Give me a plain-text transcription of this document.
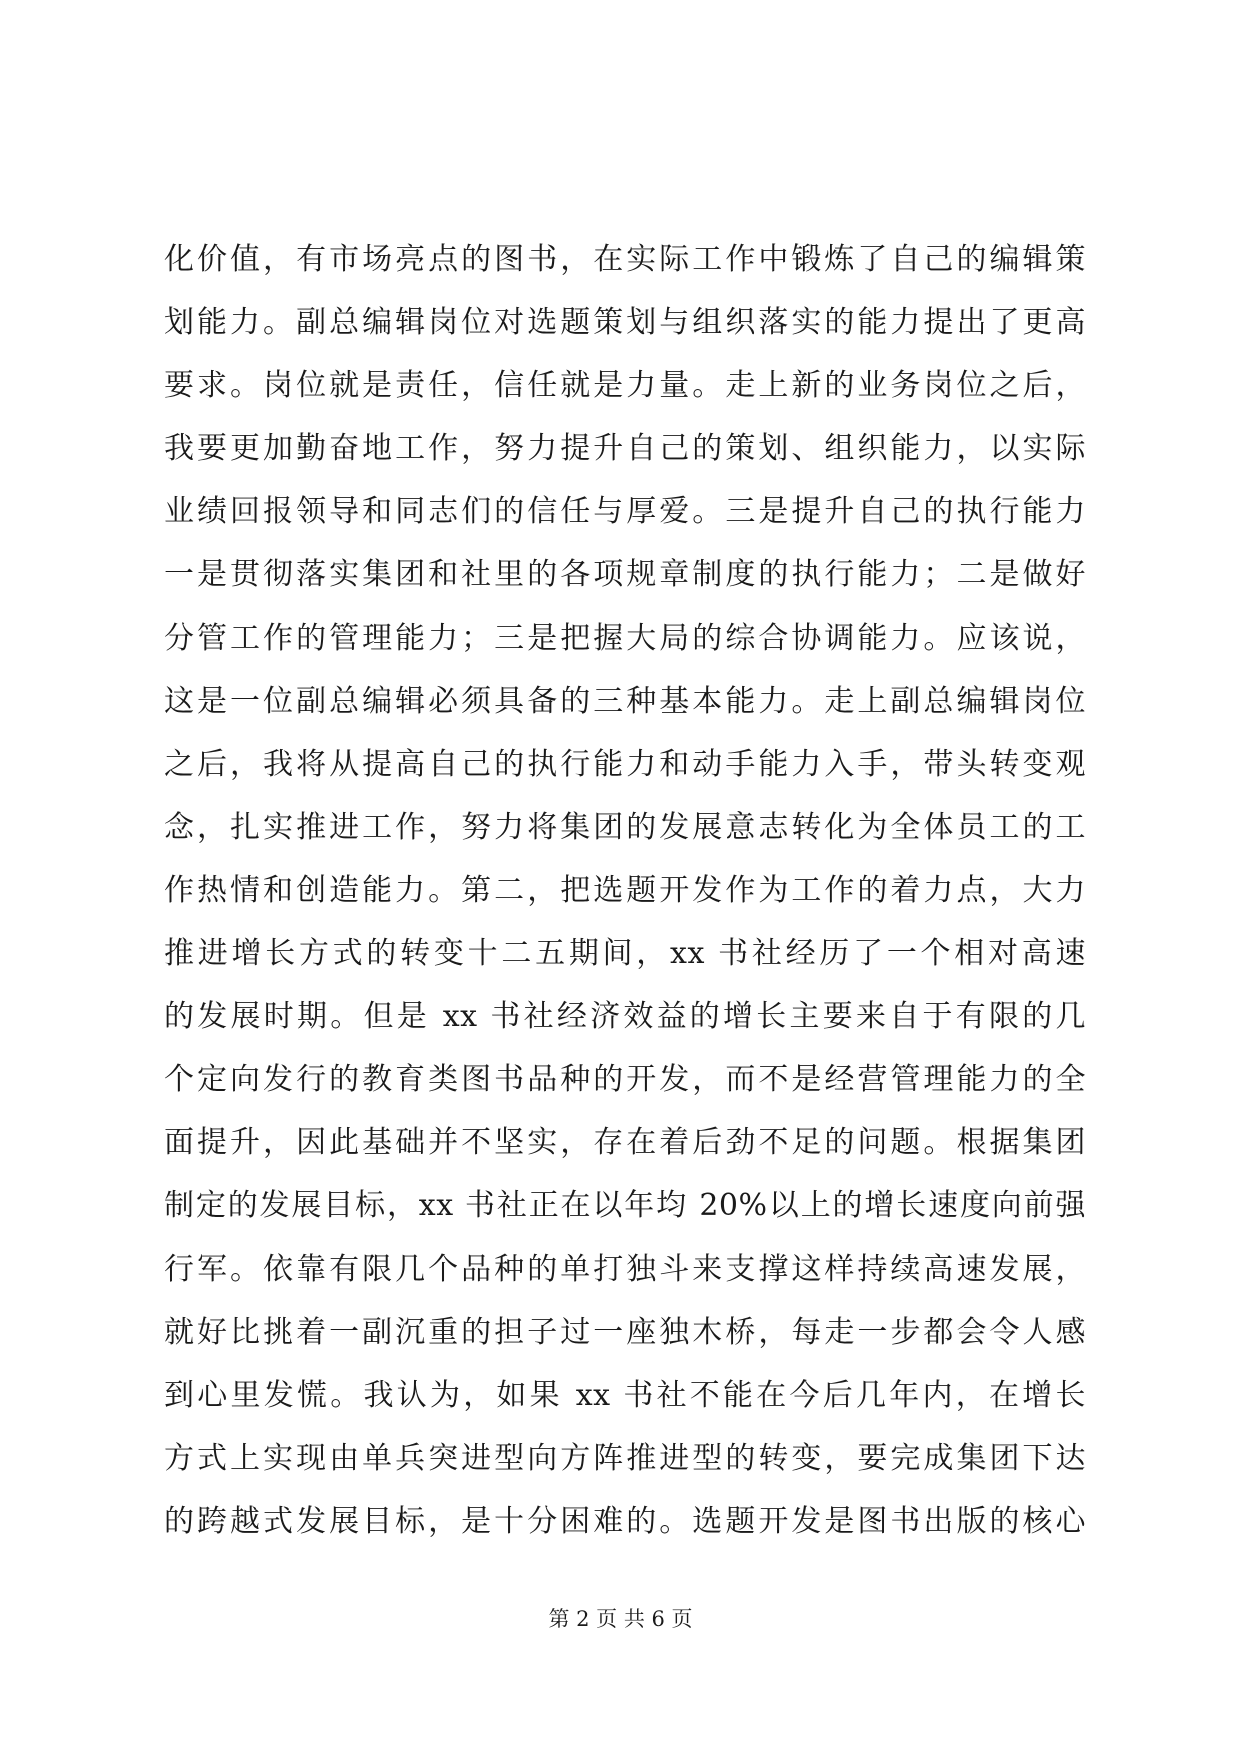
化价值，有市场亮点的图书，在实际工作中锻炼了自己的编辑策
划能力。副总编辑岗位对选题策划与组织落实的能力提出了更高
要求。岗位就是责任，信任就是力量。走上新的业务岗位之后，
我要更加勤奋地工作，努力提升自己的策划、组织能力，以实际
业绩回报领导和同志们的信任与厚爱。三是提升自己的执行能力
一是贯彻落实集团和社里的各项规章制度的执行能力；二是做好
分管工作的管理能力；三是把握大局的综合协调能力。应该说，
这是一位副总编辑必须具备的三种基本能力。走上副总编辑岗位
之后，我将从提高自己的执行能力和动手能力入手，带头转变观
念，扎实推进工作，努力将集团的发展意志转化为全体员工的工
作热情和创造能力。第二，把选题开发作为工作的着力点，大力
推进增长方式的转变十二五期间，xx 书社经历了一个相对高速
的发展时期。但是 xx 书社经济效益的增长主要来自于有限的几
个定向发行的教育类图书品种的开发，而不是经营管理能力的全
面提升，因此基础并不坚实，存在着后劲不足的问题。根据集团
制定的发展目标，xx 书社正在以年均 20%以上的增长速度向前强
行军。依靠有限几个品种的单打独斗来支撑这样持续高速发展，
就好比挑着一副沉重的担子过一座独木桥，每走一步都会令人感
到心里发慌。我认为，如果 xx 书社不能在今后几年内，在增长
方式上实现由单兵突进型向方阵推进型的转变，要完成集团下达
的跨越式发展目标，是十分困难的。选题开发是图书出版的核心
第 2 页 共 6 页
